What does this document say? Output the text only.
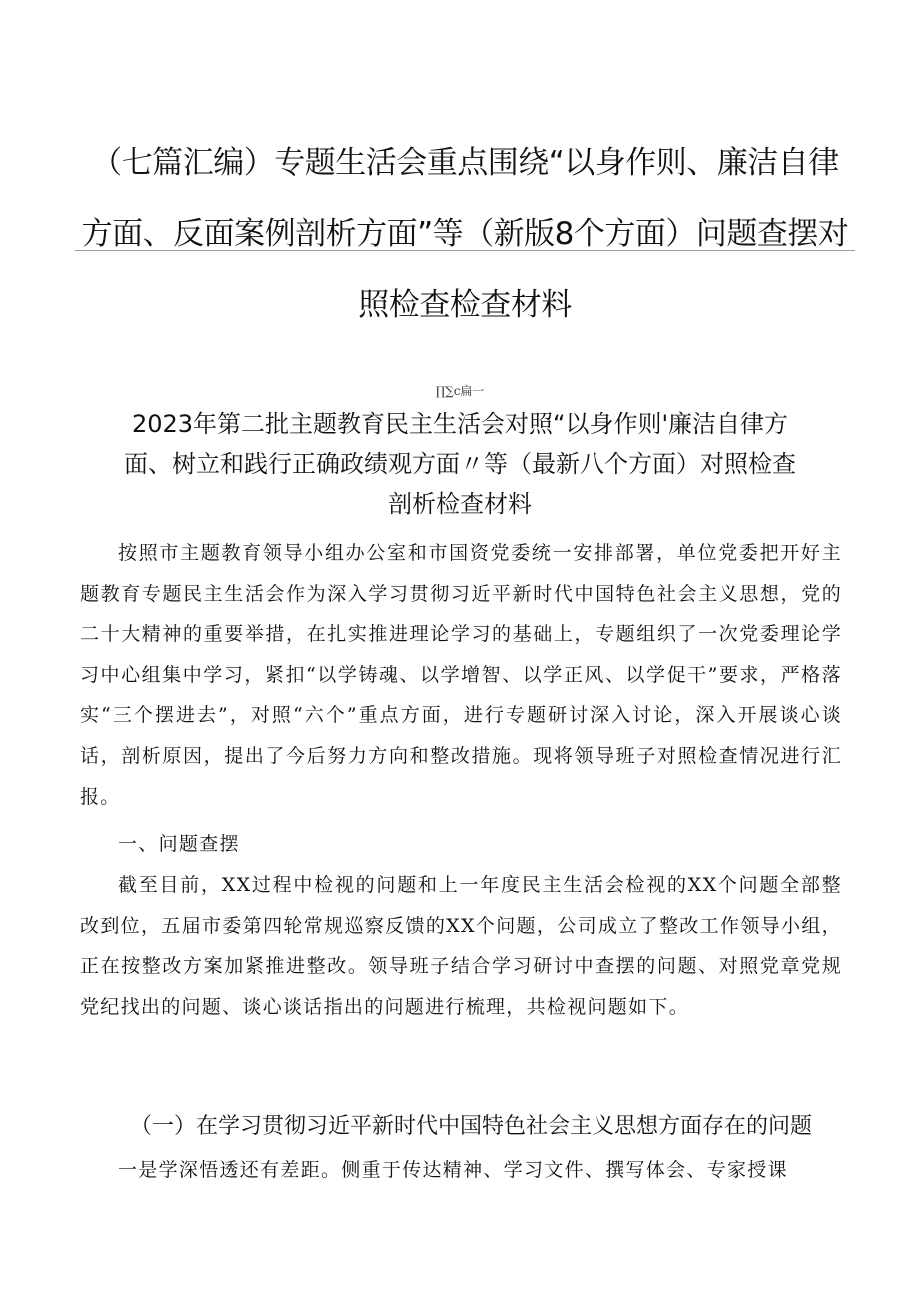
（七篇汇编）专题生活会重点围绕“以身作则、廉洁自律方面、反面案例剖析方面”等（新版8个方面）问题查摆对照检查检查材料
∏∑c扁一
2023年第二批主题教育民主生活会对照“以身作则'廉洁自律方面、树立和践行正确政绩观方面〃等（最新八个方面）对照检查剖析检查材料

按照市主题教育领导小组办公室和市国资党委统一安排部署，单位党委把开好主题教育专题民主生活会作为深入学习贯彻习近平新时代中国特色社会主义思想，党的二十大精神的重要举措，在扎实推进理论学习的基础上，专题组织了一次党委理论学习中心组集中学习，紧扣“以学铸魂、以学增智、以学正风、以学促干”要求，严格落实“三个摆进去”，对照“六个”重点方面，进行专题研讨深入讨论，深入开展谈心谈话，剖析原因，提出了今后努力方向和整改措施。现将领导班子对照检查情况进行汇报。

一、问题查摆

截至目前，XX过程中检视的问题和上一年度民主生活会检视的XX个问题全部整改到位，五届市委第四轮常规巡察反馈的XX个问题，公司成立了整改工作领导小组，正在按整改方案加紧推进整改。领导班子结合学习研讨中查摆的问题、对照党章党规党纪找出的问题、谈心谈话指出的问题进行梳理，共检视问题如下。

（一）在学习贯彻习近平新时代中国特色社会主义思想方面存在的问题

一是学深悟透还有差距。侧重于传达精神、学习文件、撰写体会、专家授课
